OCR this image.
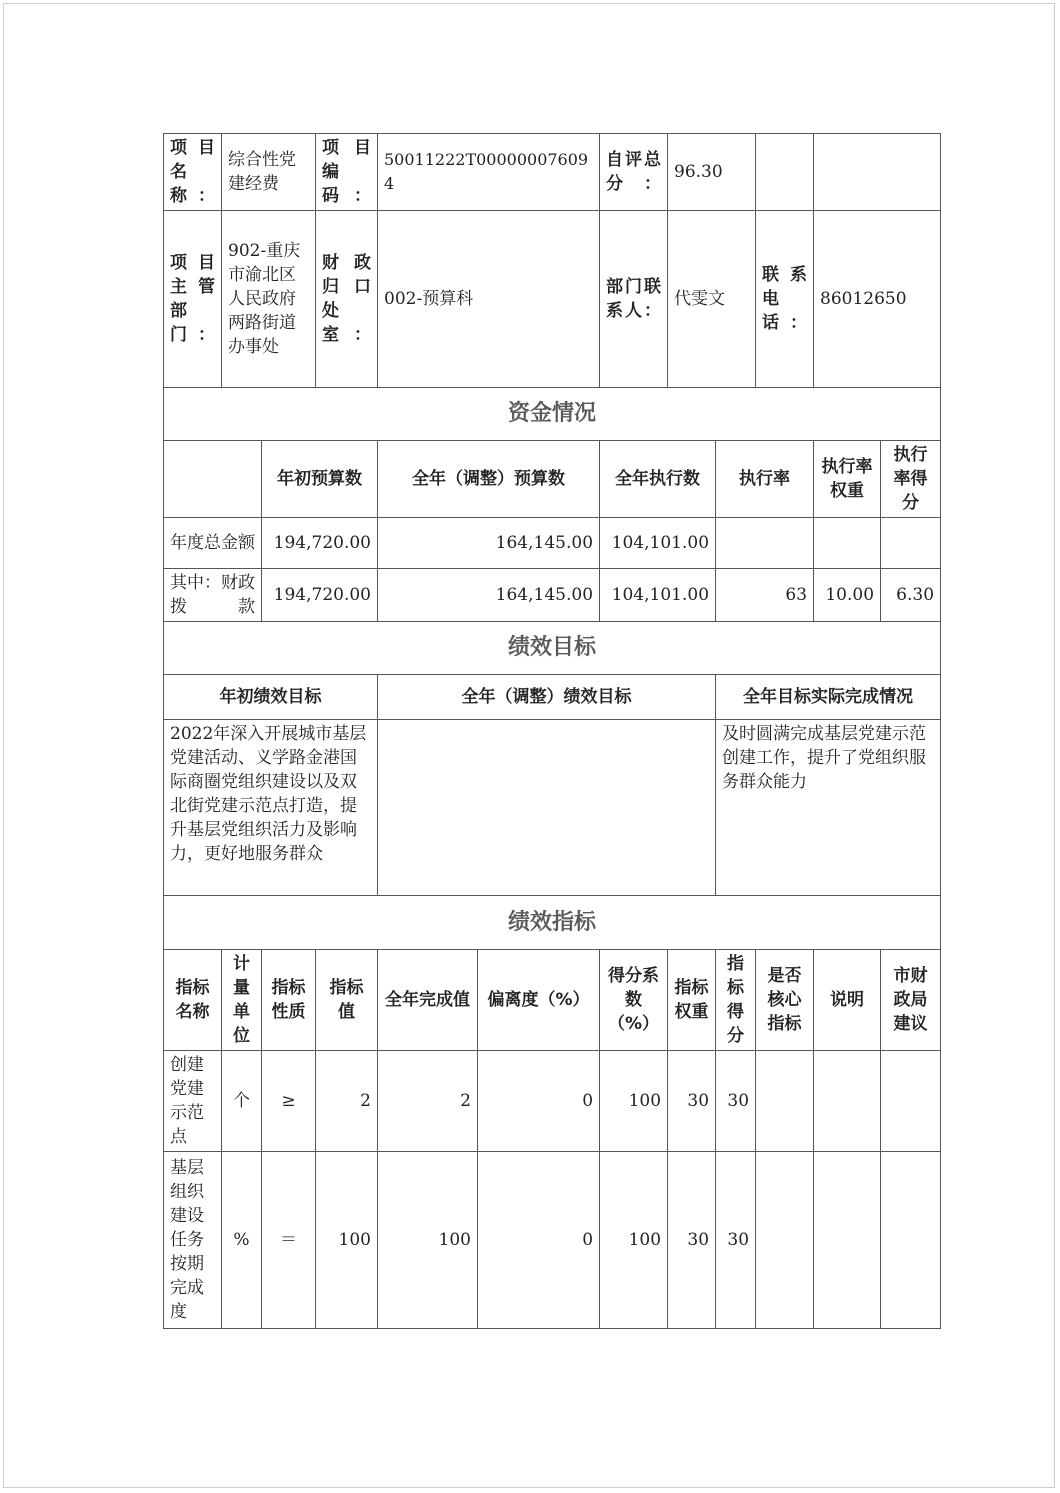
项目名称：	综合性党建经费		项目编码：	50011222T000000076094		自评总分：	96.30				
项目主管部门：	902-重庆市渝北区人民政府两路街道办事处		财政归口处室：	002-预算科		部门联系人：	代雯文		联系电话：	86012650	
资金情况											
		年初预算数		全年（调整）预算数		全年执行数		执行率		执行率权重	执行率得分
年度总金额		194,720.00		164,145.00		104,101.00					
其中：财政拨款		194,720.00		164,145.00		104,101.00		63		10.00	6.30
绩效目标											
年初绩效目标				全年（调整）绩效目标				全年目标实际完成情况			
2022年深入开展城市基层党建活动、义学路金港国际商圈党组织建设以及双北街党建示范点打造，提升基层党组织活力及影响力，更好地服务群众								及时圆满完成基层党建示范创建工作，提升了党组织服务群众能力			
绩效指标											
指标名称	计量单位	指标性质	指标值	全年完成值	偏离度（%）	得分系数（%）	指标权重	指标得分	是否核心指标	说明	市财政局建议
创建党建示范点	个	≥	2	2	0	100	30	30			
基层组织建设任务按期完成度	%	＝	100	100	0	100	30	30			
